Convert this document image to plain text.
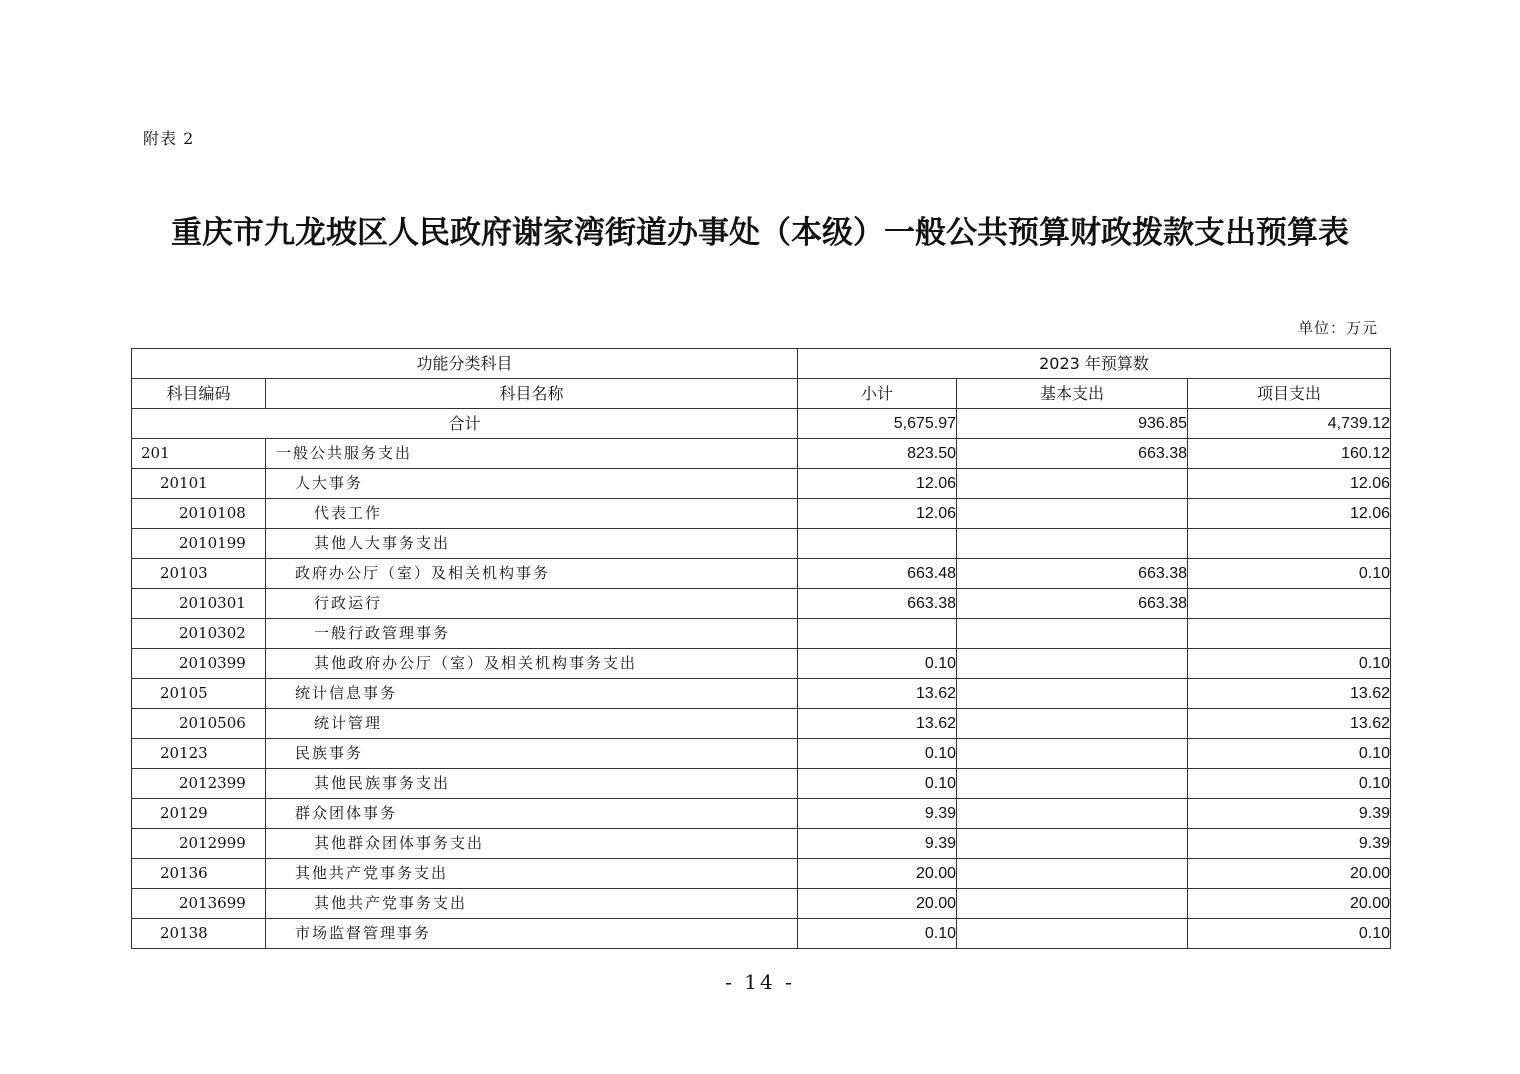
附表 2
重庆市九龙坡区人民政府谢家湾街道办事处（本级）一般公共预算财政拨款支出预算表
单位：万元
功能分类科目		2023 年预算数		
科目编码	科目名称	小计	基本支出	项目支出
合计		5,675.97	936.85	4,739.12
201	一般公共服务支出	823.50	663.38	160.12
20101	人大事务	12.06		12.06
2010108	代表工作	12.06		12.06
2010199	其他人大事务支出			
20103	政府办公厅（室）及相关机构事务	663.48	663.38	0.10
2010301	行政运行	663.38	663.38	
2010302	一般行政管理事务			
2010399	其他政府办公厅（室）及相关机构事务支出	0.10		0.10
20105	统计信息事务	13.62		13.62
2010506	统计管理	13.62		13.62
20123	民族事务	0.10		0.10
2012399	其他民族事务支出	0.10		0.10
20129	群众团体事务	9.39		9.39
2012999	其他群众团体事务支出	9.39		9.39
20136	其他共产党事务支出	20.00		20.00
2013699	其他共产党事务支出	20.00		20.00
20138	市场监督管理事务	0.10		0.10
- 14 -
